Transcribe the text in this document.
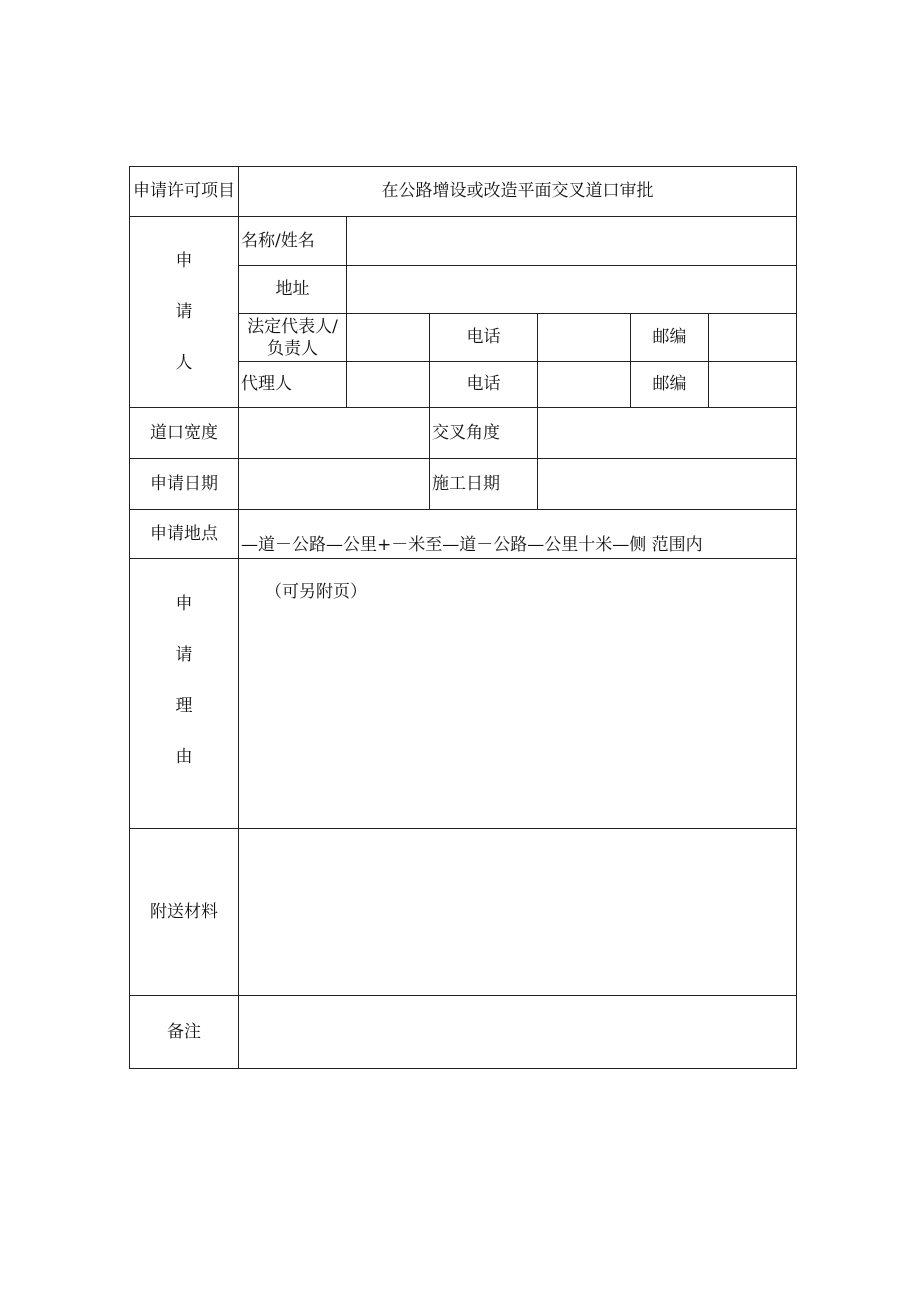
申请许可项目	在公路增设或改造平面交叉道口审批					

申
请
人	名称/姓名					
	地址					
	法定代表人/负责人		电话		邮编	
	代理人		电话		邮编	
道口宽度			交叉角度			
申请日期			施工日期			
申请地点	—道－公路—公里+－米至—道－公路—公里十米—侧 范围内					

申
请
理
由	（可另附页）					

附送材料						
备注						
